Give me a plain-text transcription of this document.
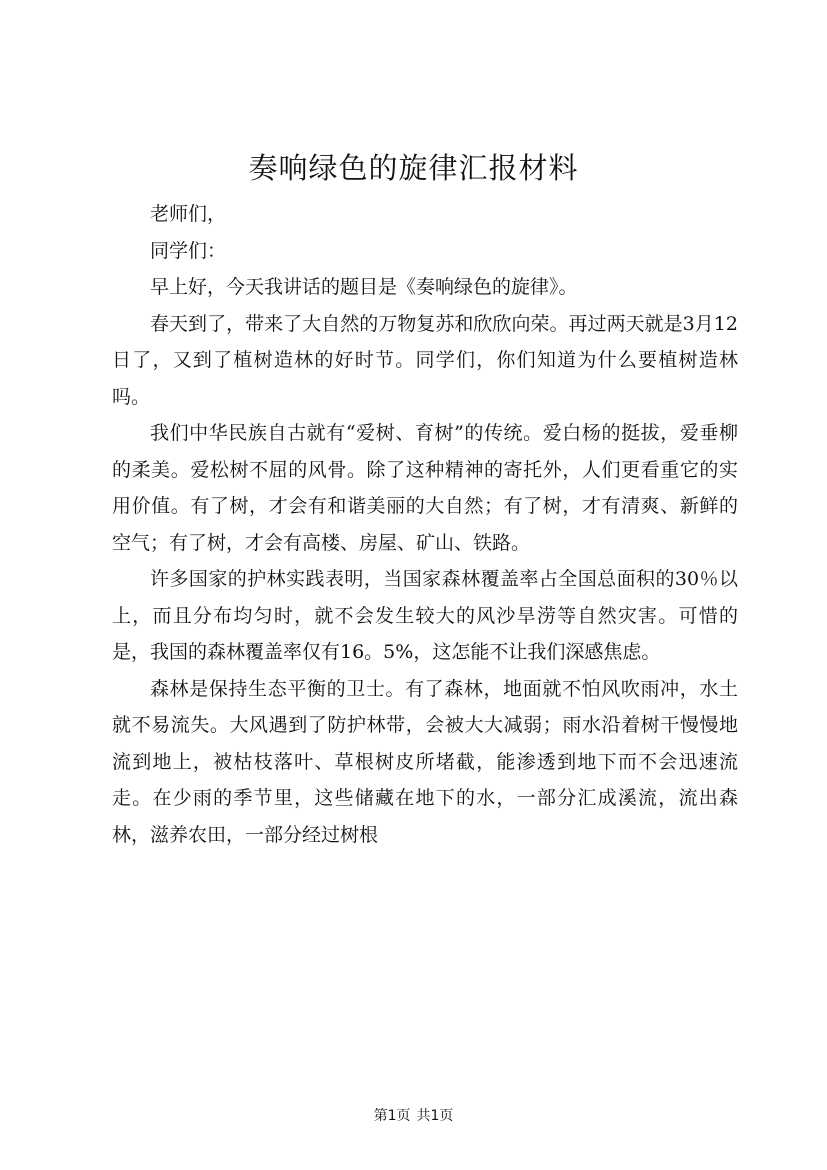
奏响绿色的旋律汇报材料

老师们，

同学们：

早上好，今天我讲话的题目是《奏响绿色的旋律》。

春天到了，带来了大自然的万物复苏和欣欣向荣。再过两天就是3月12日了，又到了植树造林的好时节。同学们，你们知道为什么要植树造林吗。

我们中华民族自古就有“爱树、育树”的传统。爱白杨的挺拔，爱垂柳的柔美。爱松树不屈的风骨。除了这种精神的寄托外，人们更看重它的实用价值。有了树，才会有和谐美丽的大自然；有了树，才有清爽、新鲜的空气；有了树，才会有高楼、房屋、矿山、铁路。

许多国家的护林实践表明，当国家森林覆盖率占全国总面积的30％以上，而且分布均匀时，就不会发生较大的风沙旱涝等自然灾害。可惜的是，我国的森林覆盖率仅有16。5%，这怎能不让我们深感焦虑。

森林是保持生态平衡的卫士。有了森林，地面就不怕风吹雨冲，水土就不易流失。大风遇到了防护林带，会被大大减弱；雨水沿着树干慢慢地流到地上，被枯枝落叶、草根树皮所堵截，能渗透到地下而不会迅速流走。在少雨的季节里，这些储藏在地下的水，一部分汇成溪流，流出森林，滋养农田，一部分经过树根

第1页 共1页
